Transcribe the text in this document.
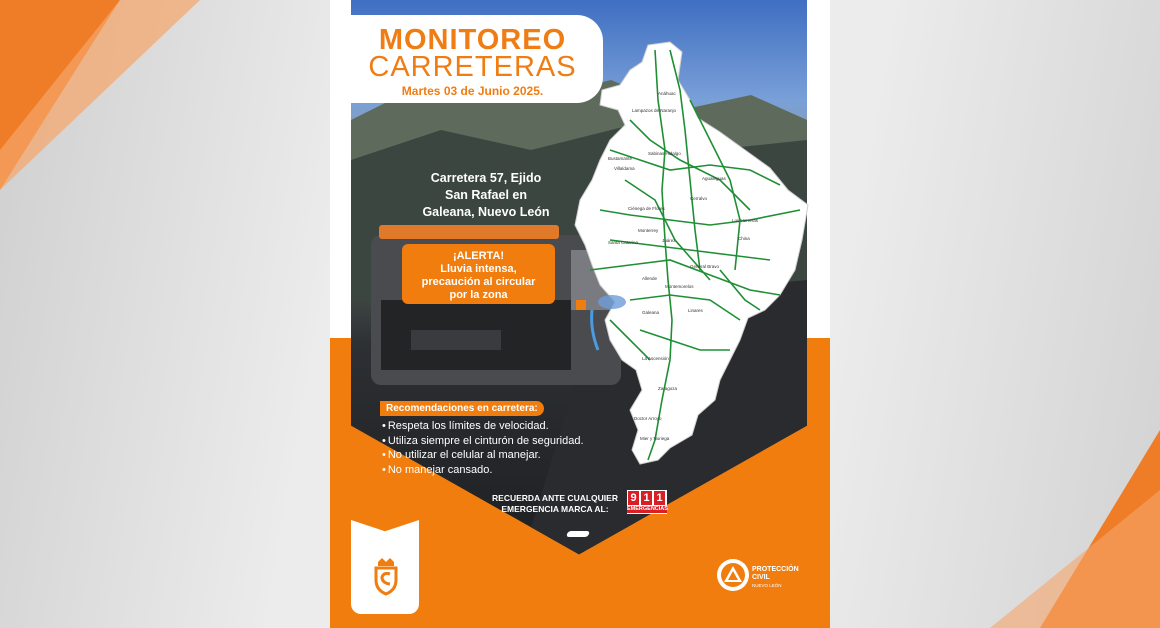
MONITOREO
CARRETERAS
Martes 03 de Junio 2025.
Carretera 57, Ejido
San Rafael en
Galeana, Nuevo León
¡ALERTA!
Lluvia intensa,
precaución al circular
por la zona
Anáhuac
Lampazos de Naranjo
Bustamante
Villaldama
Sabinas Hidalgo
Agualeguas
Ciénega de Flores
Cerralvo
Los Herreras
Monterrey
Santa Catarina	Juárez	China
General Bravo
Allende
Montemorelos
Galeana	Linares
La Ascensión
Zaragoza
Doctor Arroyo
Mier y Noriega
Recomendaciones en carretera:
• Respeta los límites de velocidad.
• Utiliza siempre el cinturón de seguridad.
• No utilizar el celular al manejar.
• No manejar cansado.
RECUERDA ANTE CUALQUIER
EMERGENCIA MARCA AL:
9 1 1
EMERGENCIAS
PROTECCIÓN
CIVIL
NUEVO LEÓN
